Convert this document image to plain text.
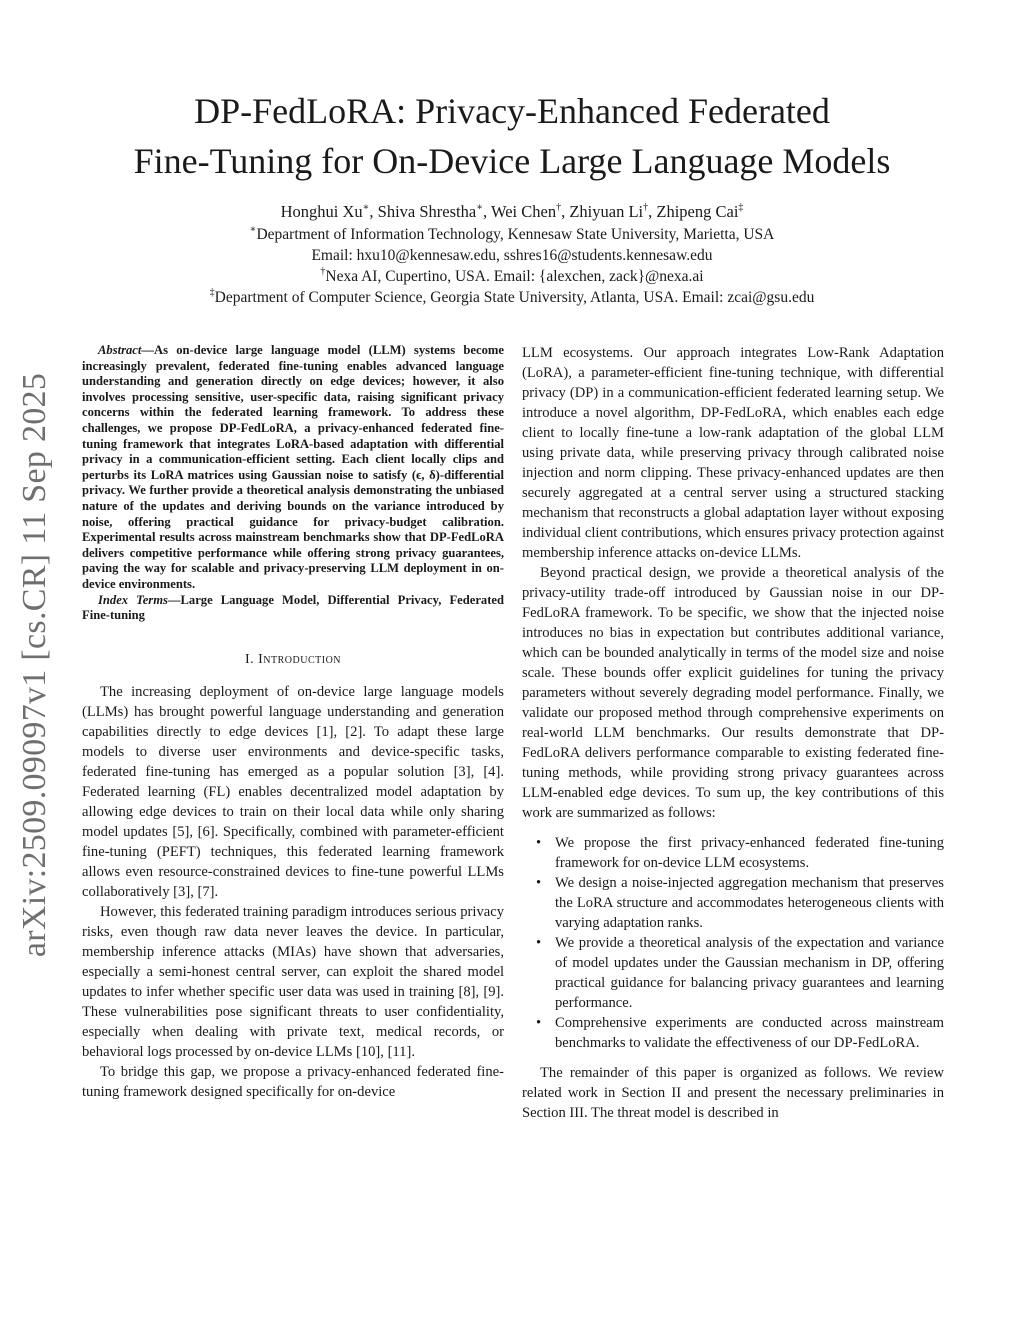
arXiv:2509.09097v1 [cs.CR] 11 Sep 2025
DP-FedLoRA: Privacy-Enhanced Federated
Fine-Tuning for On-Device Large Language Models
Honghui Xu∗, Shiva Shrestha∗, Wei Chen†, Zhiyuan Li†, Zhipeng Cai‡
∗Department of Information Technology, Kennesaw State University, Marietta, USA
Email: hxu10@kennesaw.edu, sshres16@students.kennesaw.edu
†Nexa AI, Cupertino, USA. Email: {alexchen, zack}@nexa.ai
‡Department of Computer Science, Georgia State University, Atlanta, USA. Email: zcai@gsu.edu

Abstract—As on-device large language model (LLM) systems become increasingly prevalent, federated fine-tuning enables advanced language understanding and generation directly on edge devices; however, it also involves processing sensitive, user-specific data, raising significant privacy concerns within the federated learning framework. To address these challenges, we propose DP-FedLoRA, a privacy-enhanced federated fine-tuning framework that integrates LoRA-based adaptation with differential privacy in a communication-efficient setting. Each client locally clips and perturbs its LoRA matrices using Gaussian noise to satisfy (ϵ, δ)-differential privacy. We further provide a theoretical analysis demonstrating the unbiased nature of the updates and deriving bounds on the variance introduced by noise, offering practical guidance for privacy-budget calibration. Experimental results across mainstream benchmarks show that DP-FedLoRA delivers competitive performance while offering strong privacy guarantees, paving the way for scalable and privacy-preserving LLM deployment in on-device environments.

Index Terms—Large Language Model, Differential Privacy, Federated Fine-tuning

I. Introduction

The increasing deployment of on-device large language models (LLMs) has brought powerful language understanding and generation capabilities directly to edge devices [1], [2]. To adapt these large models to diverse user environments and device-specific tasks, federated fine-tuning has emerged as a popular solution [3], [4]. Federated learning (FL) enables decentralized model adaptation by allowing edge devices to train on their local data while only sharing model updates [5], [6]. Specifically, combined with parameter-efficient fine-tuning (PEFT) techniques, this federated learning framework allows even resource-constrained devices to fine-tune powerful LLMs collaboratively [3], [7].

However, this federated training paradigm introduces serious privacy risks, even though raw data never leaves the device. In particular, membership inference attacks (MIAs) have shown that adversaries, especially a semi-honest central server, can exploit the shared model updates to infer whether specific user data was used in training [8], [9]. These vulnerabilities pose significant threats to user confidentiality, especially when dealing with private text, medical records, or behavioral logs processed by on-device LLMs [10], [11].

To bridge this gap, we propose a privacy-enhanced federated fine-tuning framework designed specifically for on-device

LLM ecosystems. Our approach integrates Low-Rank Adaptation (LoRA), a parameter-efficient fine-tuning technique, with differential privacy (DP) in a communication-efficient federated learning setup. We introduce a novel algorithm, DP-FedLoRA, which enables each edge client to locally fine-tune a low-rank adaptation of the global LLM using private data, while preserving privacy through calibrated noise injection and norm clipping. These privacy-enhanced updates are then securely aggregated at a central server using a structured stacking mechanism that reconstructs a global adaptation layer without exposing individual client contributions, which ensures privacy protection against membership inference attacks on-device LLMs.

Beyond practical design, we provide a theoretical analysis of the privacy-utility trade-off introduced by Gaussian noise in our DP-FedLoRA framework. To be specific, we show that the injected noise introduces no bias in expectation but contributes additional variance, which can be bounded analytically in terms of the model size and noise scale. These bounds offer explicit guidelines for tuning the privacy parameters without severely degrading model performance. Finally, we validate our proposed method through comprehensive experiments on real-world LLM benchmarks. Our results demonstrate that DP-FedLoRA delivers performance comparable to existing federated fine-tuning methods, while providing strong privacy guarantees across LLM-enabled edge devices. To sum up, the key contributions of this work are summarized as follows:

• We propose the first privacy-enhanced federated fine-tuning framework for on-device LLM ecosystems.
• We design a noise-injected aggregation mechanism that preserves the LoRA structure and accommodates heterogeneous clients with varying adaptation ranks.
• We provide a theoretical analysis of the expectation and variance of model updates under the Gaussian mechanism in DP, offering practical guidance for balancing privacy guarantees and learning performance.
• Comprehensive experiments are conducted across mainstream benchmarks to validate the effectiveness of our DP-FedLoRA.

The remainder of this paper is organized as follows. We review related work in Section II and present the necessary preliminaries in Section III. The threat model is described in
